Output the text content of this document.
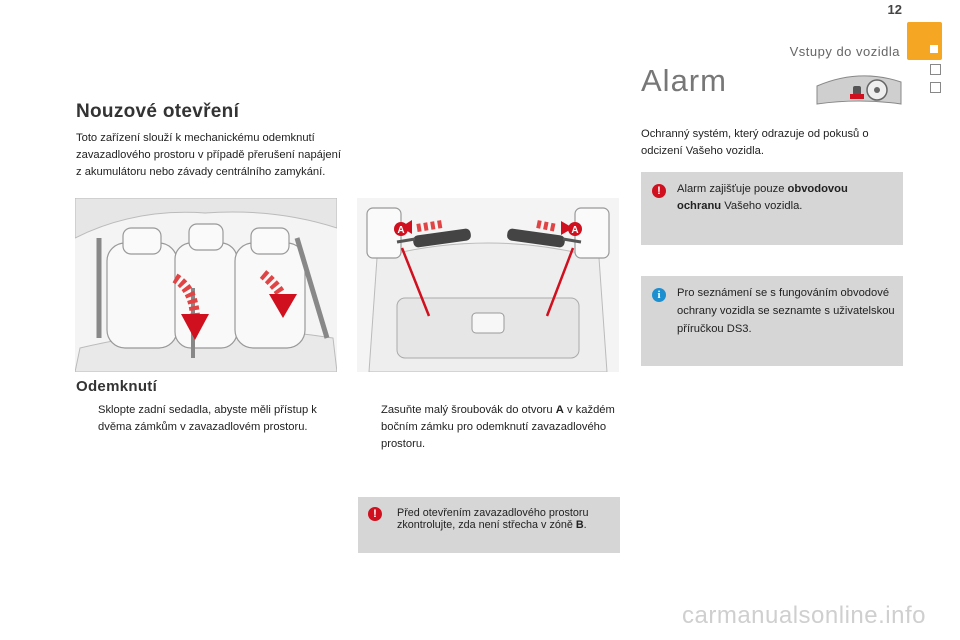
12
Vstupy do vozidla
Nouzové otevření
Toto zařízení slouží k mechanickému odemknutí zavazadlového prostoru v případě přerušení napájení z akumulátoru nebo závady centrálního zamykání.
Odemknutí
Sklopte zadní sedadla, abyste měli přístup k dvěma zámkům v zavazadlovém prostoru.
A	A
Zasuňte malý šroubovák do otvoru A v každém bočním zámku pro odemknutí zavazadlového prostoru.
!	Před otevřením zavazadlového prostoru zkontrolujte, zda není střecha v zóně B.
Alarm
Ochranný systém, který odrazuje od pokusů o odcizení Vašeho vozidla.
!	Alarm zajišťuje pouze obvodovou ochranu Vašeho vozidla.
i	Pro seznámení se s fungováním obvodové ochrany vozidla se seznamte s uživatelskou příručkou DS3.
carmanualsonline.info
